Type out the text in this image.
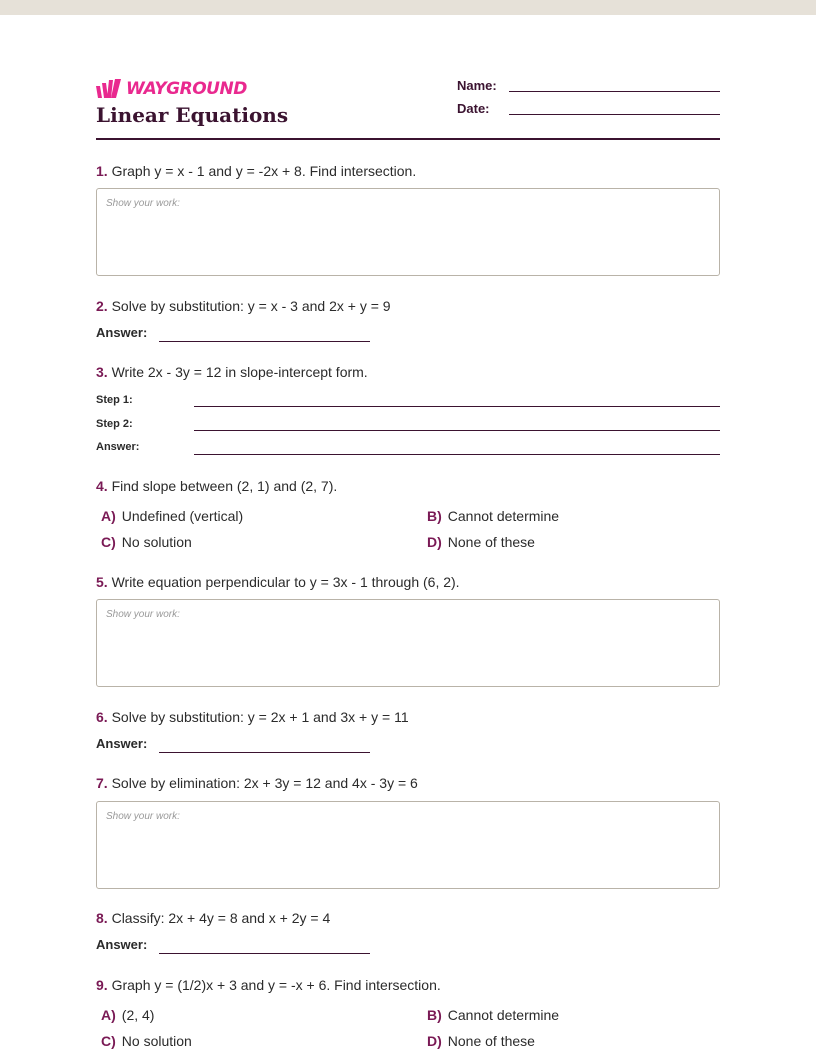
WAYGROUND
Linear Equations
Name:
Date:
1. Graph y = x - 1 and y = -2x + 8. Find intersection.
Show your work:
2. Solve by substitution: y = x - 3 and 2x + y = 9
Answer:
3. Write 2x - 3y = 12 in slope-intercept form.
Step 1:
Step 2:
Answer:
4. Find slope between (2, 1) and (2, 7).
A) Undefined (vertical)	B) Cannot determine
C) No solution	D) None of these
5. Write equation perpendicular to y = 3x - 1 through (6, 2).
Show your work:
6. Solve by substitution: y = 2x + 1 and 3x + y = 11
Answer:
7. Solve by elimination: 2x + 3y = 12 and 4x - 3y = 6
Show your work:
8. Classify: 2x + 4y = 8 and x + 2y = 4
Answer:
9. Graph y = (1/2)x + 3 and y = -x + 6. Find intersection.
A) (2, 4)	B) Cannot determine
C) No solution	D) None of these
